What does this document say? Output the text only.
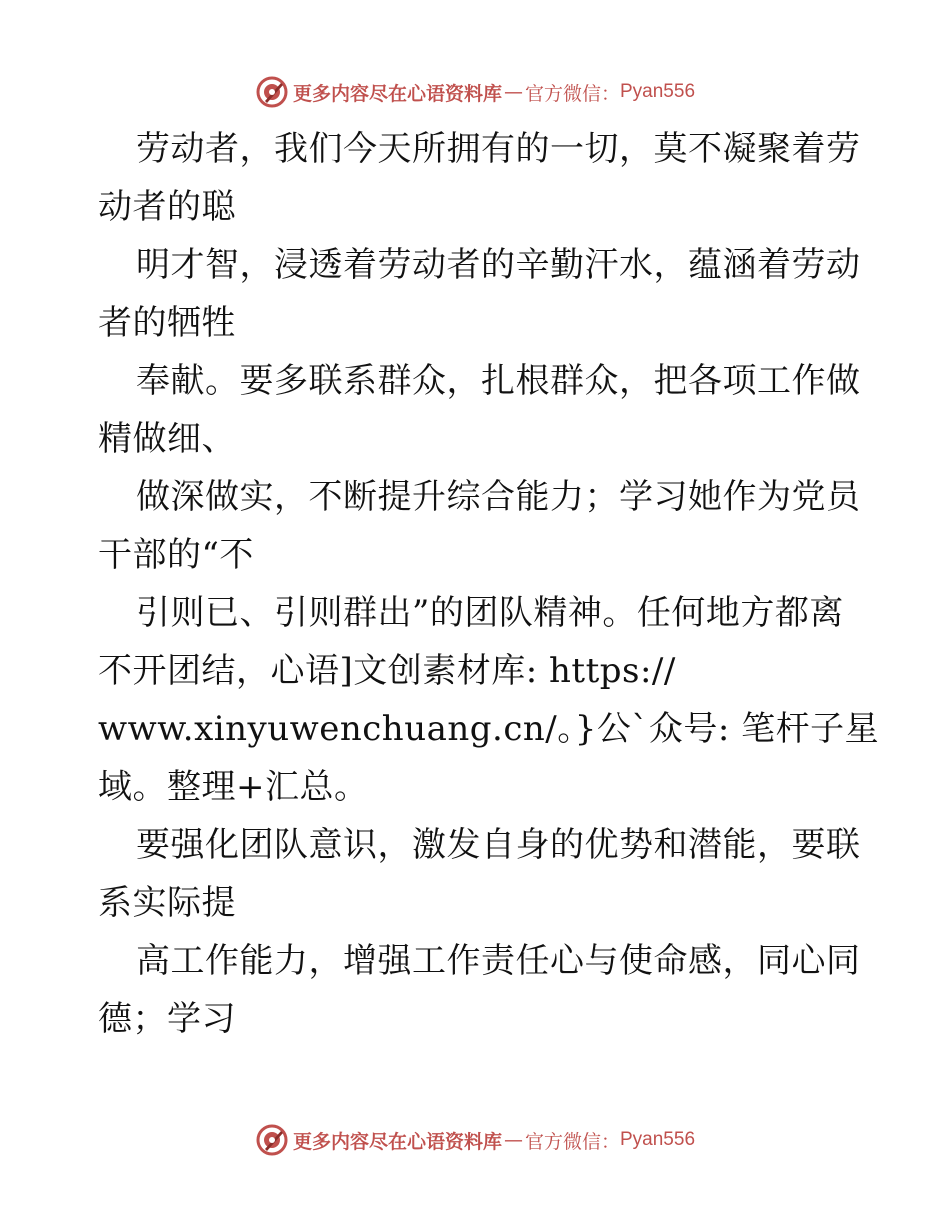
更多内容尽在心语资料库 — 官方微信： Pyan556
劳动者，我们今天所拥有的一切，莫不凝聚着劳
动者的聪
明才智，浸透着劳动者的辛勤汗水，蕴涵着劳动
者的牺牲
奉献。要多联系群众，扎根群众，把各项工作做
精做细、
做深做实，不断提升综合能力；学习她作为党员
干部的“不
引则已、引则群出”的团队精神。任何地方都离
不开团结，心语]文创素材库: https://
www.xinyuwenchuang.cn/。}公`众号: 笔杆子星
域。整理+汇总。
要强化团队意识，激发自身的优势和潜能，要联
系实际提
高工作能力，增强工作责任心与使命感，同心同
德；学习
更多内容尽在心语资料库 — 官方微信： Pyan556
